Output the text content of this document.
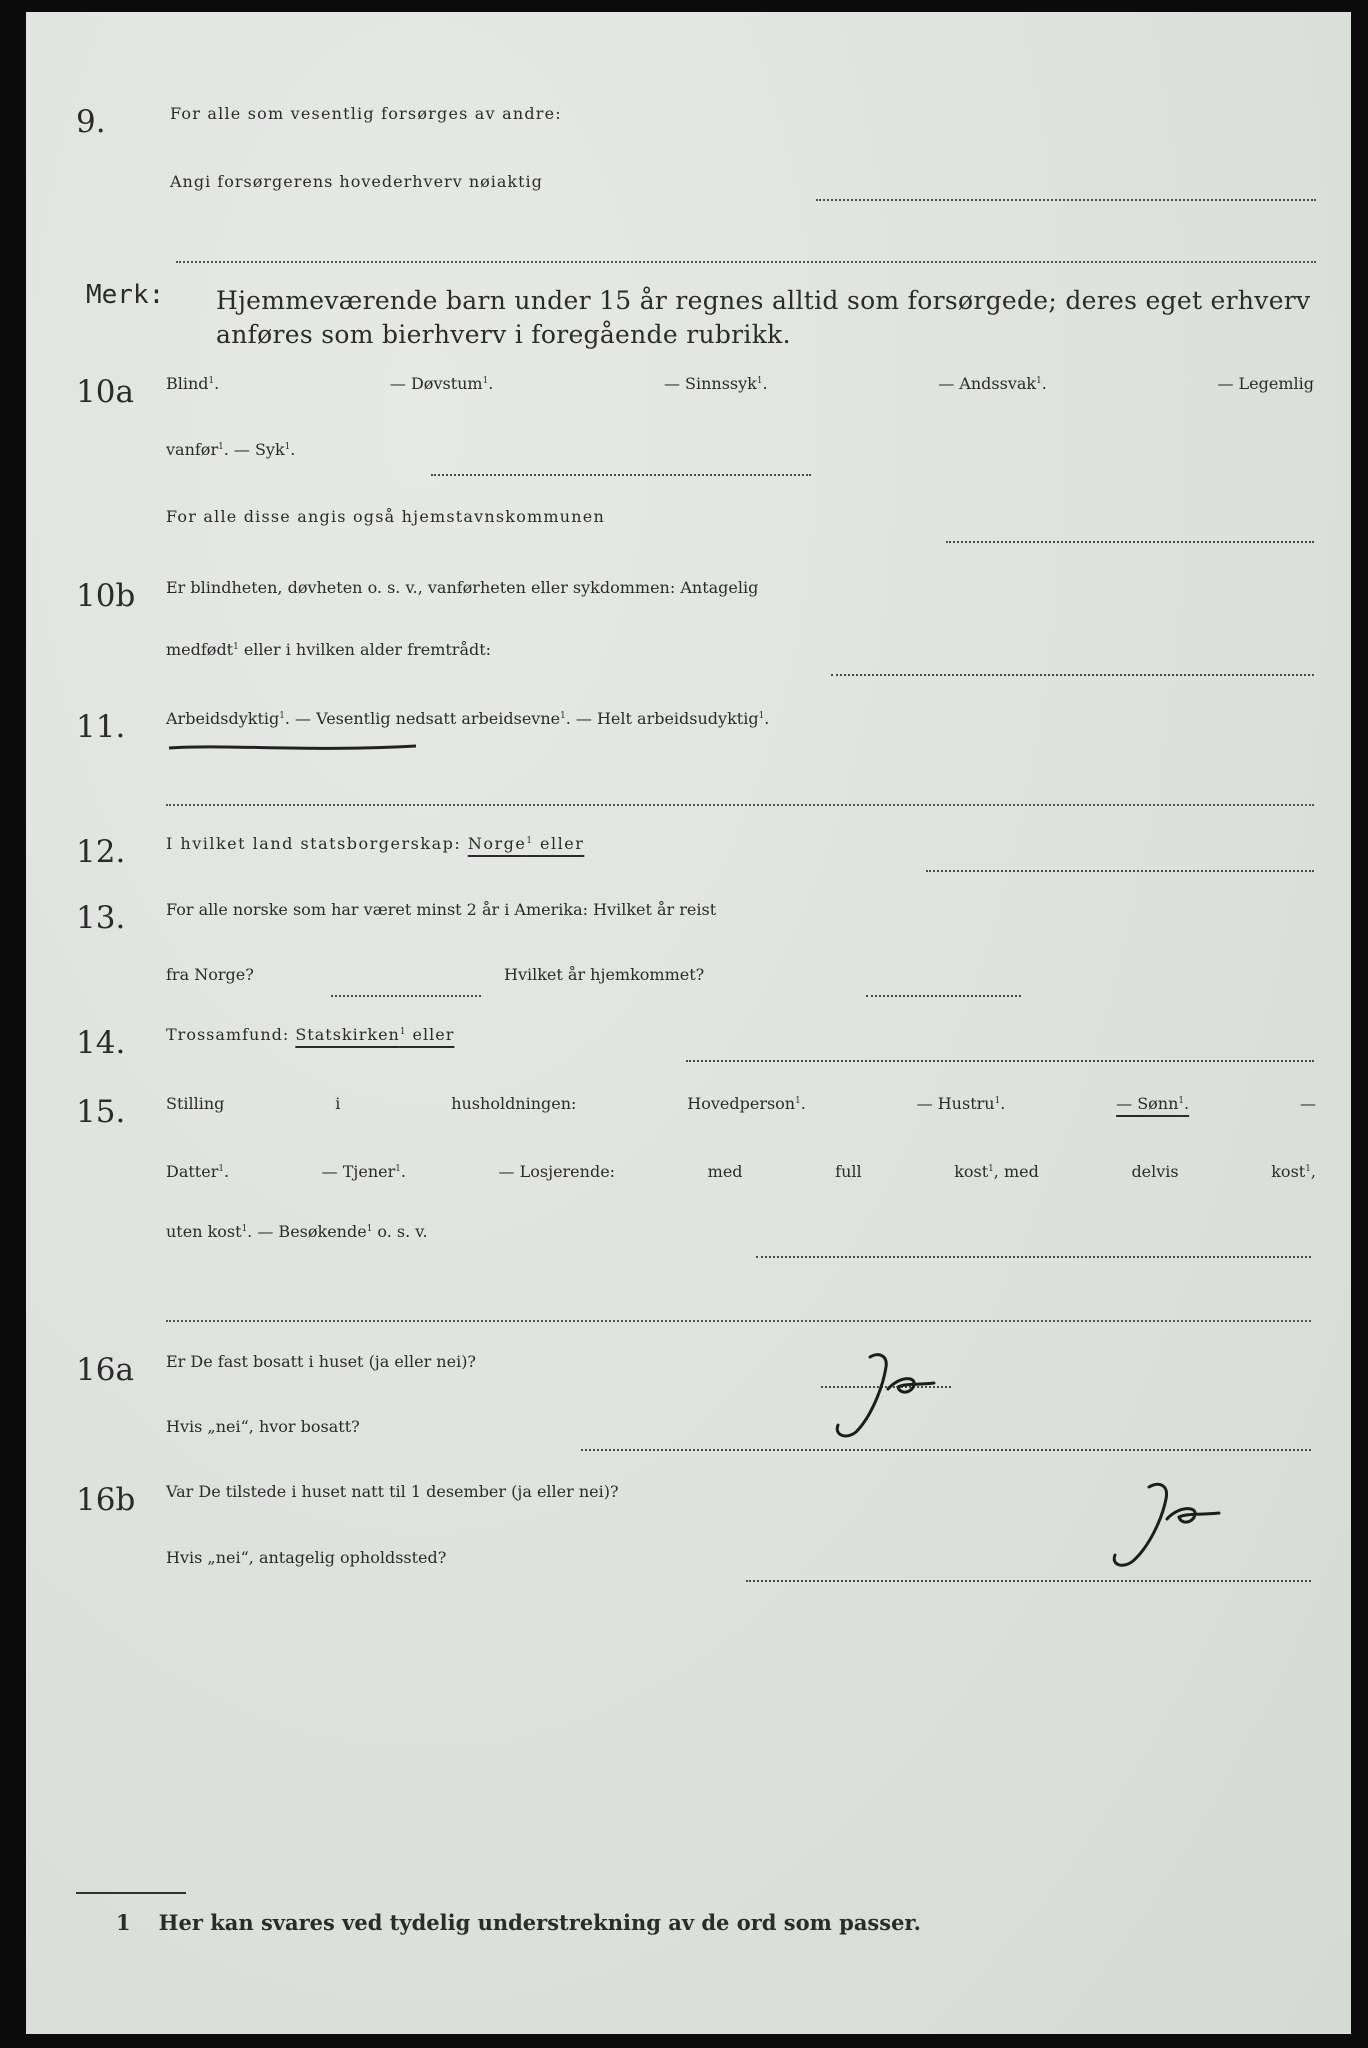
9.	For alle som vesentlig forsørges av andre:
Angi forsørgerens hovederhverv nøiaktig
Merk: Hjemmeværende barn under 15 år regnes alltid som forsørgede; deres eget erhverv
anføres som bierhverv i foregående rubrikk.
10a	Blind$^1$.	— Døvstum$^1$.	— Sinnssyk$^1$.	— Andssvak$^1$.	— Legemlig
vanfør$^1$. — Syk$^1$.
For alle disse angis også hjemstavnskommunen
10b	Er blindheten, døvheten o. s. v., vanførheten eller sykdommen: Antagelig
medfødt$^1$ eller i hvilken alder fremtrådt:
11.	Arbeidsdyktig$^1$. — Vesentlig nedsatt arbeidsevne$^1$. — Helt arbeidsudyktig$^1$.
12.	I hvilket land statsborgerskap: Norge$^1$ eller
13.	For alle norske som har været minst 2 år i Amerika: Hvilket år reist
fra Norge?	Hvilket år hjemkommet?
14.	Trossamfund: Statskirken$^1$ eller
15.	Stilling	i	husholdningen:	Hovedperson$^1$.	— Hustru$^1$.	— Sønn$^1$.	—
Datter$^1$.	— Tjener$^1$.	— Losjerende:	med	full	kost$^1$, med	delvis	kost$^1$,
uten kost$^1$. — Besøkende$^1$ o. s. v.
16a	Er De fast bosatt i huset (ja eller nei)?
Hvis „nei“, hvor bosatt?
16b	Var De tilstede i huset natt til 1 desember (ja eller nei)?
Hvis „nei“, antagelig opholdssted?
1 Her kan svares ved tydelig understrekning av de ord som passer.
